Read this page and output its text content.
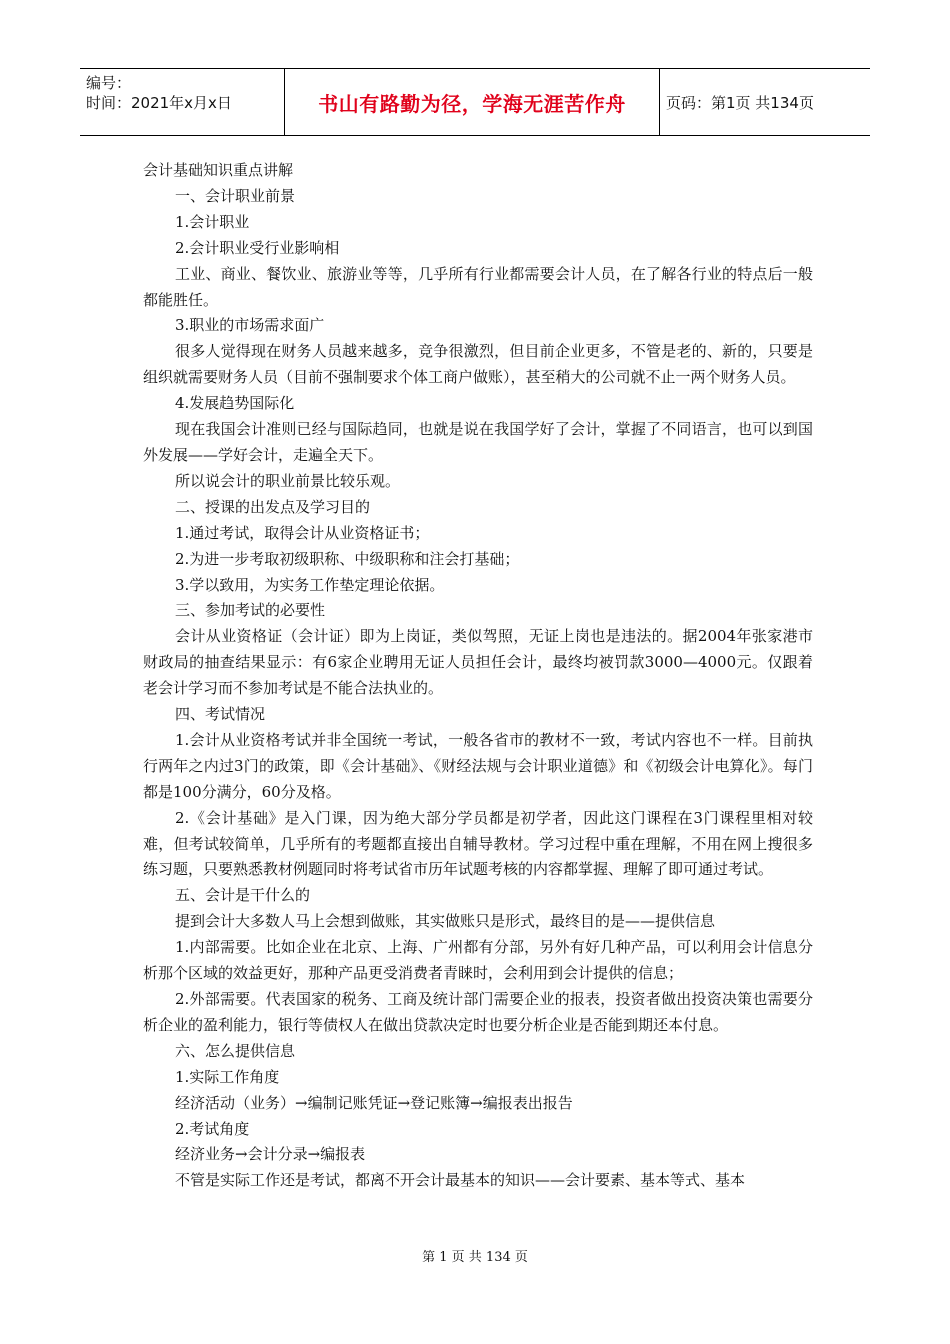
编号：
时间：2021年x月x日	书山有路勤为径，学海无涯苦作舟	页码：第1页 共134页

会计基础知识重点讲解

一、会计职业前景

1.会计职业

2.会计职业受行业影响相

工业、商业、餐饮业、旅游业等等，几乎所有行业都需要会计人员，在了解各行业的特点后一般都能胜任。

3.职业的市场需求面广

很多人觉得现在财务人员越来越多，竞争很激烈，但目前企业更多，不管是老的、新的，只要是组织就需要财务人员（目前不强制要求个体工商户做账），甚至稍大的公司就不止一两个财务人员。

4.发展趋势国际化

现在我国会计准则已经与国际趋同，也就是说在我国学好了会计，掌握了不同语言，也可以到国外发展——学好会计，走遍全天下。

所以说会计的职业前景比较乐观。

二、授课的出发点及学习目的

1.通过考试，取得会计从业资格证书；

2.为进一步考取初级职称、中级职称和注会打基础；

3.学以致用，为实务工作垫定理论依据。

三、参加考试的必要性

会计从业资格证（会计证）即为上岗证，类似驾照，无证上岗也是违法的。据2004年张家港市财政局的抽查结果显示：有6家企业聘用无证人员担任会计，最终均被罚款3000—4000元。仅跟着老会计学习而不参加考试是不能合法执业的。

四、考试情况

1.会计从业资格考试并非全国统一考试，一般各省市的教材不一致，考试内容也不一样。目前执行两年之内过3门的政策，即《会计基础》、《财经法规与会计职业道德》和《初级会计电算化》。每门都是100分满分，60分及格。

2.《会计基础》是入门课，因为绝大部分学员都是初学者，因此这门课程在3门课程里相对较难，但考试较简单，几乎所有的考题都直接出自辅导教材。学习过程中重在理解，不用在网上搜很多练习题，只要熟悉教材例题同时将考试省市历年试题考核的内容都掌握、理解了即可通过考试。

五、会计是干什么的

提到会计大多数人马上会想到做账，其实做账只是形式，最终目的是——提供信息

1.内部需要。比如企业在北京、上海、广州都有分部，另外有好几种产品，可以利用会计信息分析那个区域的效益更好，那种产品更受消费者青睐时，会利用到会计提供的信息；

2.外部需要。代表国家的税务、工商及统计部门需要企业的报表，投资者做出投资决策也需要分析企业的盈利能力，银行等债权人在做出贷款决定时也要分析企业是否能到期还本付息。

六、怎么提供信息

1.实际工作角度

经济活动（业务）→编制记账凭证→登记账簿→编报表出报告

2.考试角度

经济业务→会计分录→编报表

不管是实际工作还是考试，都离不开会计最基本的知识——会计要素、基本等式、基本

第 1 页 共 134 页
